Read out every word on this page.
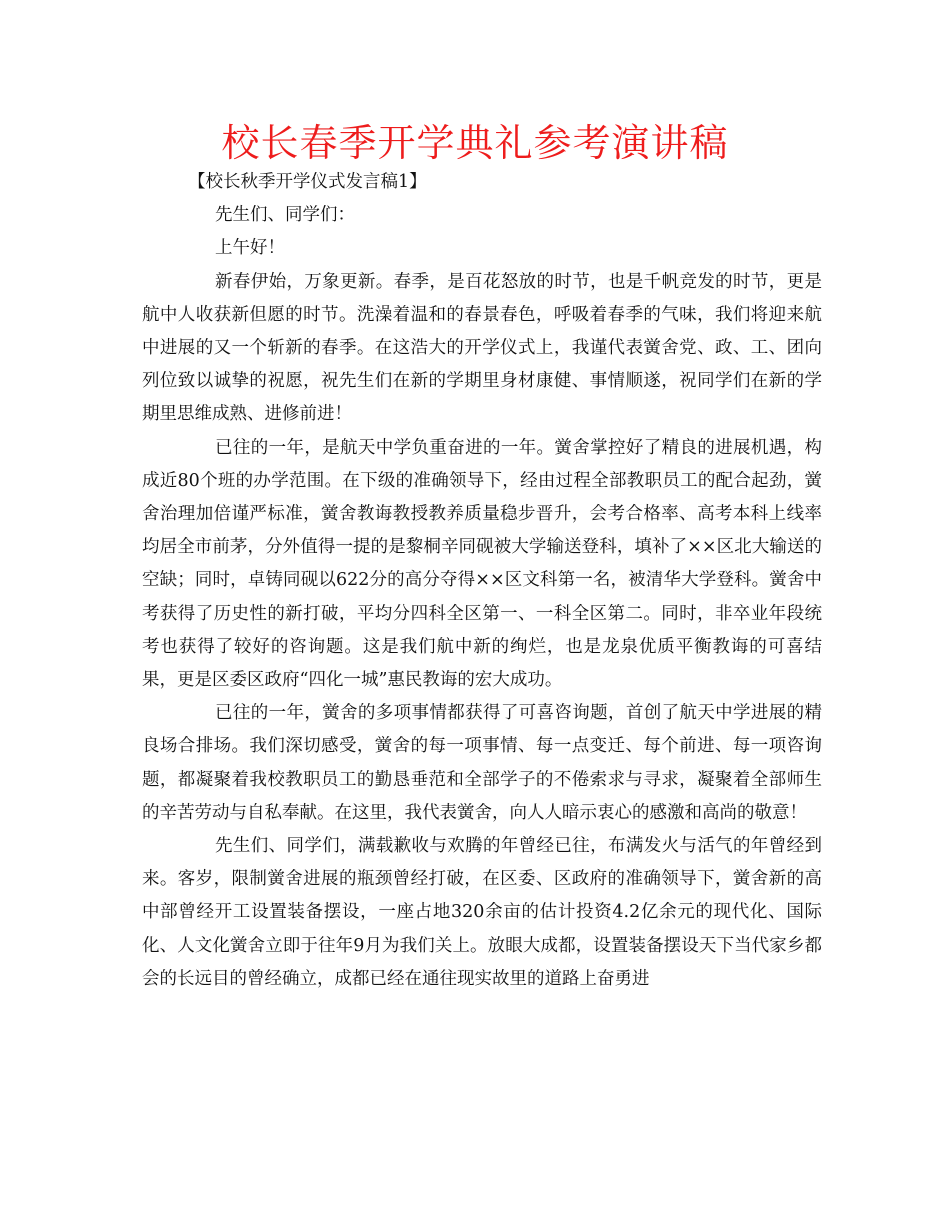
校长春季开学典礼参考演讲稿

【校长秋季开学仪式发言稿1】

先生们、同学们：

上午好！

新春伊始，万象更新。春季，是百花怒放的时节，也是千帆竞发的时节，更是航中人收获新但愿的时节。洗澡着温和的春景春色，呼吸着春季的气味，我们将迎来航中进展的又一个斩新的春季。在这浩大的开学仪式上，我谨代表黉舍党、政、工、团向列位致以诚挚的祝愿，祝先生们在新的学期里身材康健、事情顺遂，祝同学们在新的学期里思维成熟、进修前进！

已往的一年，是航天中学负重奋进的一年。黉舍掌控好了精良的进展机遇，构成近80个班的办学范围。在下级的准确领导下，经由过程全部教职员工的配合起劲，黉舍治理加倍谨严标准，黉舍教诲教授教养质量稳步晋升，会考合格率、高考本科上线率均居全市前茅，分外值得一提的是黎桐辛同砚被大学输送登科，填补了××区北大输送的空缺；同时，卓铸同砚以622分的高分夺得××区文科第一名，被清华大学登科。黉舍中考获得了历史性的新打破，平均分四科全区第一、一科全区第二。同时，非卒业年段统考也获得了较好的咨询题。这是我们航中新的绚烂，也是龙泉优质平衡教诲的可喜结果，更是区委区政府“四化一城”惠民教诲的宏大成功。

已往的一年，黉舍的多项事情都获得了可喜咨询题，首创了航天中学进展的精良场合排场。我们深切感受，黉舍的每一项事情、每一点变迁、每个前进、每一项咨询题，都凝聚着我校教职员工的勤恳垂范和全部学子的不倦索求与寻求，凝聚着全部师生的辛苦劳动与自私奉献。在这里，我代表黉舍，向人人暗示衷心的感激和高尚的敬意！

先生们、同学们，满载歉收与欢腾的年曾经已往，布满发火与活气的年曾经到来。客岁，限制黉舍进展的瓶颈曾经打破，在区委、区政府的准确领导下，黉舍新的高中部曾经开工设置装备摆设，一座占地320余亩的估计投资4.2亿余元的现代化、国际化、人文化黉舍立即于往年9月为我们关上。放眼大成都，设置装备摆设天下当代家乡都会的长远目的曾经确立，成都已经在通往现实故里的道路上奋勇进
